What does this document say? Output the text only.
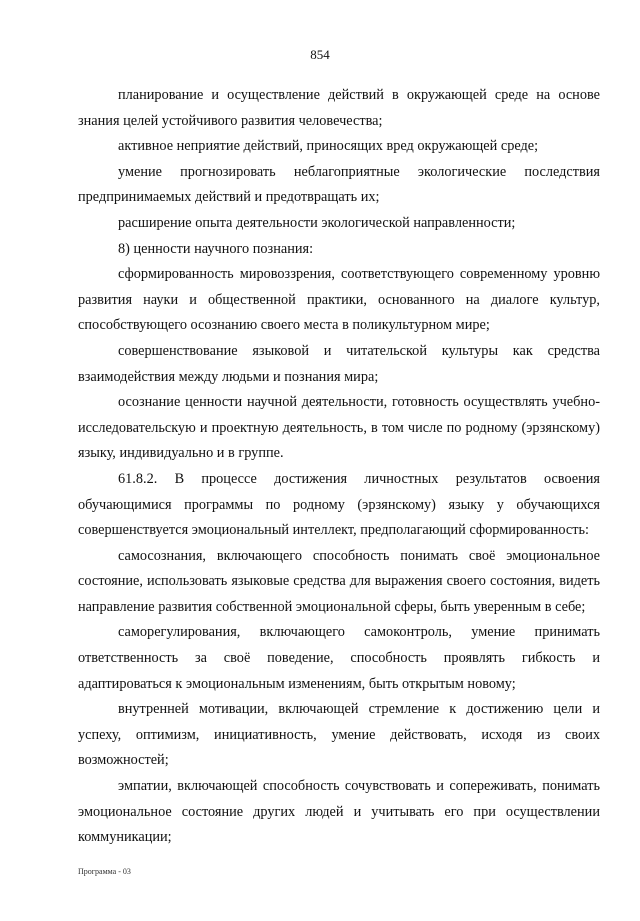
854

планирование и осуществление действий в окружающей среде на основе знания целей устойчивого развития человечества;

активное неприятие действий, приносящих вред окружающей среде;

умение прогнозировать неблагоприятные экологические последствия предпринимаемых действий и предотвращать их;

расширение опыта деятельности экологической направленности;

8) ценности научного познания:

сформированность мировоззрения, соответствующего современному уровню развития науки и общественной практики, основанного на диалоге культур, способствующего осознанию своего места в поликультурном мире;

совершенствование языковой и читательской культуры как средства взаимодействия между людьми и познания мира;

осознание ценности научной деятельности, готовность осуществлять учебно-исследовательскую и проектную деятельность, в том числе по родному (эрзянскому) языку, индивидуально и в группе.

61.8.2. В процессе достижения личностных результатов освоения обучающимися программы по родному (эрзянскому) языку у обучающихся совершенствуется эмоциональный интеллект, предполагающий сформированность:

самосознания, включающего способность понимать своё эмоциональное состояние, использовать языковые средства для выражения своего состояния, видеть направление развития собственной эмоциональной сферы, быть уверенным в себе;

саморегулирования, включающего самоконтроль, умение принимать ответственность за своё поведение, способность проявлять гибкость и адаптироваться к эмоциональным изменениям, быть открытым новому;

внутренней мотивации, включающей стремление к достижению цели и успеху, оптимизм, инициативность, умение действовать, исходя из своих возможностей;

эмпатии, включающей способность сочувствовать и сопереживать, понимать эмоциональное состояние других людей и учитывать его при осуществлении коммуникации;

Программа - 03
